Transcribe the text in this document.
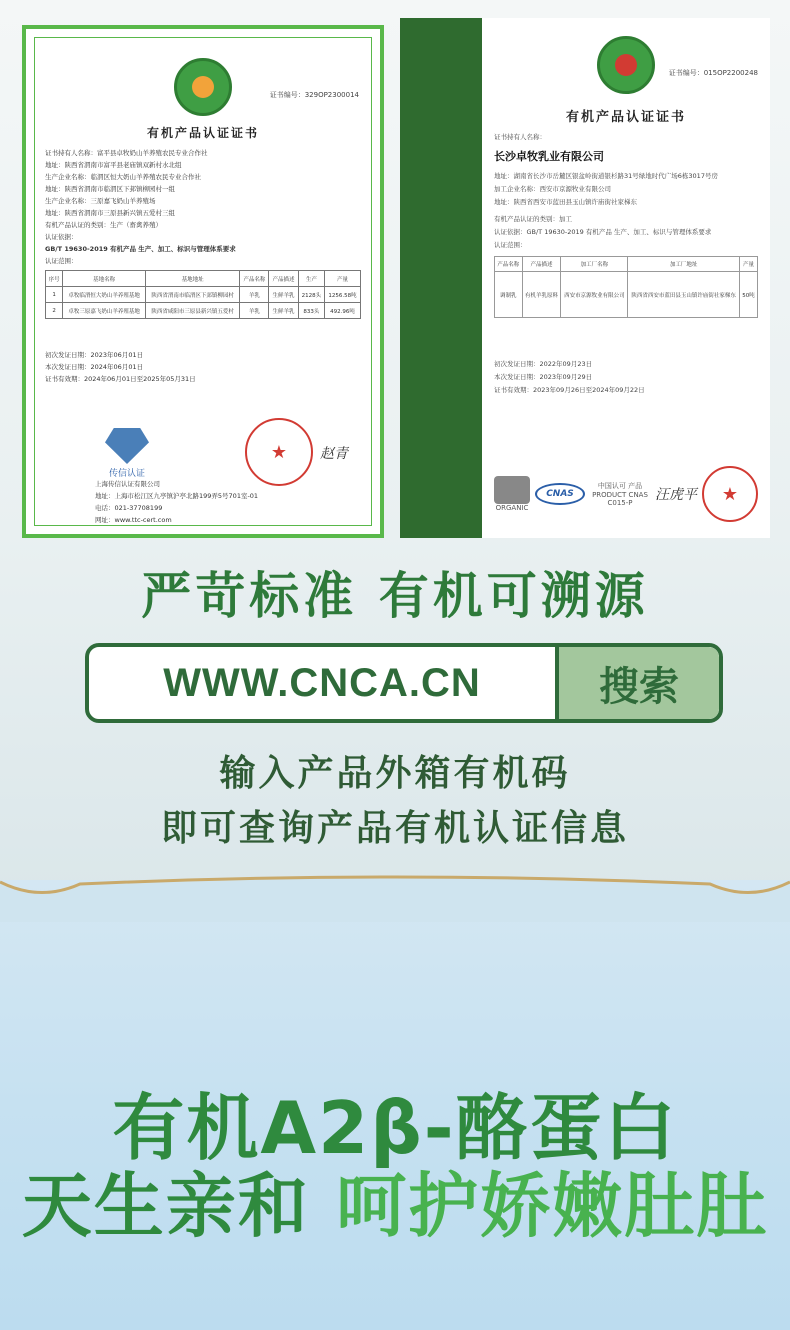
证书编号：329OP2300014
有机产品认证证书
证书持有人名称：富平县卓牧奶山羊养殖农民专业合作社
地址：陕西省渭南市富平县老庙镇双新村水北组
生产企业名称：临渭区恒大奶山羊养殖农民专业合作社
地址：陕西省渭南市临渭区下邽镇柳园村一组
生产企业名称：三原嘉飞奶山羊养殖场
地址：陕西省渭南市三原县新兴镇五爱村三组
有机产品认证的类别：生产（畜禽养殖）
认证依据：
GB/T 19630-2019 有机产品 生产、加工、标识与管理体系要求
认证范围：
序号	基地名称	基地地址	产品名称	产品描述	生产	产量
1	卓牧临渭恒大奶山羊养殖基地	陕西省渭南市临渭区下邽镇柳园村	羊乳	生鲜羊乳	2128头	1256.58吨
2	卓牧三原嘉飞奶山羊养殖基地	陕西省咸阳市三原县新兴镇五爱村	羊乳	生鲜羊乳	833头	492.96吨
初次发证日期：2023年06月01日
本次发证日期：2024年06月01日
证书有效期：2024年06月01日至2025年05月31日
传信认证
★	赵青
上海传信认证有限公司
地址：上海市松江区九亭镇沪亭北路199弄5号701室-01
电话：021-37708199
网址：www.ttc-cert.com
证书编号：015OP2200248
有机产品认证证书
证书持有人名称：
长沙卓牧乳业有限公司
地址：湖南省长沙市岳麓区银盆岭街道银杉路31号绿地时代广场6栋3017号房
加工企业名称：西安市京源牧业有限公司
地址：陕西省西安市蓝田县玉山镇许庙街社家梯东
有机产品认证的类别：加工
认证依据：GB/T 19630-2019 有机产品 生产、加工、标识与管理体系要求
认证范围：
产品名称	产品描述	加工厂名称	加工厂地址	产量
调制乳	有机羊乳原料	西安市京源牧业有限公司	陕西省西安市蓝田县玉山镇许庙街社家梯东	50吨
初次发证日期：2022年09月23日
本次发证日期：2023年09月29日
证书有效期：2023年09月26日至2024年09月22日
ORGANIC
CNAS
中国认可 产品 PRODUCT CNAS C015-P	汪虎平	★
严苛标准 有机可溯源
WWW.CNCA.CN	搜索
输入产品外箱有机码
即可查询产品有机认证信息
有机A2β-酪蛋白
天生亲和 呵护娇嫩肚肚
